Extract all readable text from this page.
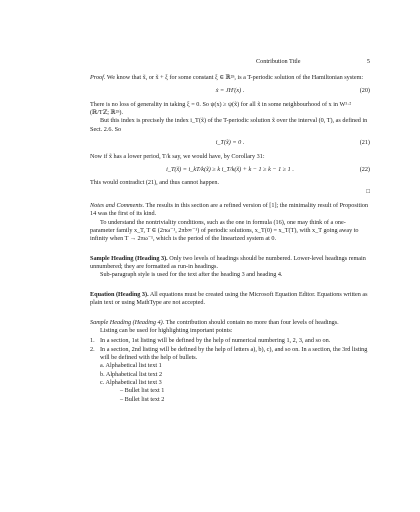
Contribution Title	5

Proof. We know that x̃, or x̃ + ξ for some constant ξ ∈ ℝ²ⁿ, is a T-periodic solution of the Hamiltonian system:

ẋ = JH′(x) .	(20)

There is no loss of generality in taking ξ = 0. So ψ(x) ≥ ψ(x̃) for all x̃ in some neighbourhood of x in W¹·² (ℝ/Tℤ; ℝ²ⁿ).

But this index is precisely the index i_T(x̃) of the T-periodic solution x̃ over the interval (0, T), as defined in Sect. 2.6. So

i_T(x̃) = 0 .	(21)

Now if x̃ has a lower period, T/k say, we would have, by Corollary 31:

i_T(x̃) = i_kT/k(x̃) ≥ k i_T/k(x̃) + k − 1 ≥ k − 1 ≥ 1 .	(22)

This would contradict (21), and thus cannot happen.

□

Notes and Comments. The results in this section are a refined version of [1]; the minimality result of Proposition 14 was the first of its kind.

To understand the nontriviality conditions, such as the one in formula (16), one may think of a one-parameter family x_T, T ∈ (2πω⁻¹, 2πb∞⁻¹) of periodic solutions, x_T(0) = x_T(T), with x_T going away to infinity when T → 2πω⁻¹, which is the period of the linearized system at 0.

Sample Heading (Heading 3). Only two levels of headings should be numbered. Lower-level headings remain unnumbered; they are formatted as run-in headings.

Sub-paragraph style is used for the text after the heading 3 and heading 4.

Equation (Heading 3). All equations must be created using the Microsoft Equation Editor. Equations written as plain text or using MathType are not accepted.

Sample Heading (Heading 4). The contribution should contain no more than four levels of headings.

Listing can be used for highlighting important points:

1. In a section, 1st listing will be defined by the help of numerical numbering 1, 2, 3, and so on.
2. In a section, 2nd listing will be defined by the help of letters a), b), c), and so on. In a section, the 3rd listing will be defined with the help of bullets.
a. Alphabetical list text 1
b. Alphabetical list text 2
c. Alphabetical list text 3
– Bullet list text 1
– Bullet list text 2
